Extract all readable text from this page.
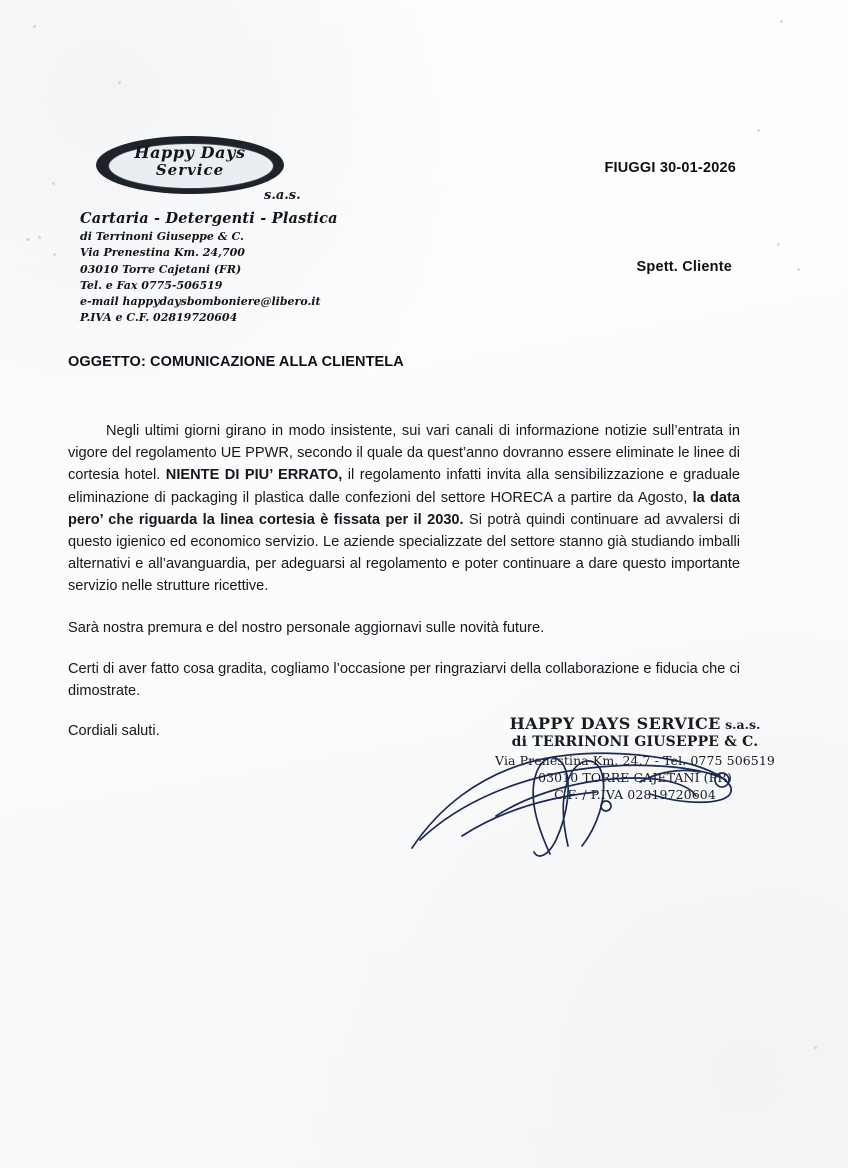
Happy Days
Service
s.a.s.
Cartaria - Detergenti - Plastica
di Terrinoni Giuseppe & C.
Via Prenestina Km. 24,700
03010 Torre Cajetani (FR)
Tel. e Fax 0775-506519
e-mail happydaysbomboniere@libero.it
P.IVA e C.F. 02819720604
FIUGGI 30-01-2026
Spett. Cliente
OGGETTO: COMUNICAZIONE ALLA CLIENTELA

Negli ultimi giorni girano in modo insistente, sui vari canali di informazione notizie sull’entrata in vigore del regolamento UE PPWR, secondo il quale da quest’anno dovranno essere eliminate le linee di cortesia hotel. NIENTE DI PIU’ ERRATO, il regolamento infatti invita alla sensibilizzazione e graduale eliminazione di packaging il plastica dalle confezioni del settore HORECA a partire da Agosto, la data pero’ che riguarda la linea cortesia è fissata per il 2030. Si potrà quindi continuare ad avvalersi di questo igienico ed economico servizio. Le aziende specializzate del settore stanno già studiando imballi alternativi e all’avanguardia, per adeguarsi al regolamento e poter continuare a dare questo importante servizio nelle strutture ricettive.

Sarà nostra premura e del nostro personale aggiornavi sulle novità future.

Certi di aver fatto cosa gradita, cogliamo l’occasione per ringraziarvi della collaborazione e fiducia che ci dimostrate.

Cordiali saluti.	HAPPY DAYS SERVICE s.a.s.
di TERRINONI GIUSEPPE & C.
Via Prenestina Km. 24,7 - Tel. 0775 506519
03010 TORRE CAJETANI (FR)
C.F. / P.IVA 02819720604
